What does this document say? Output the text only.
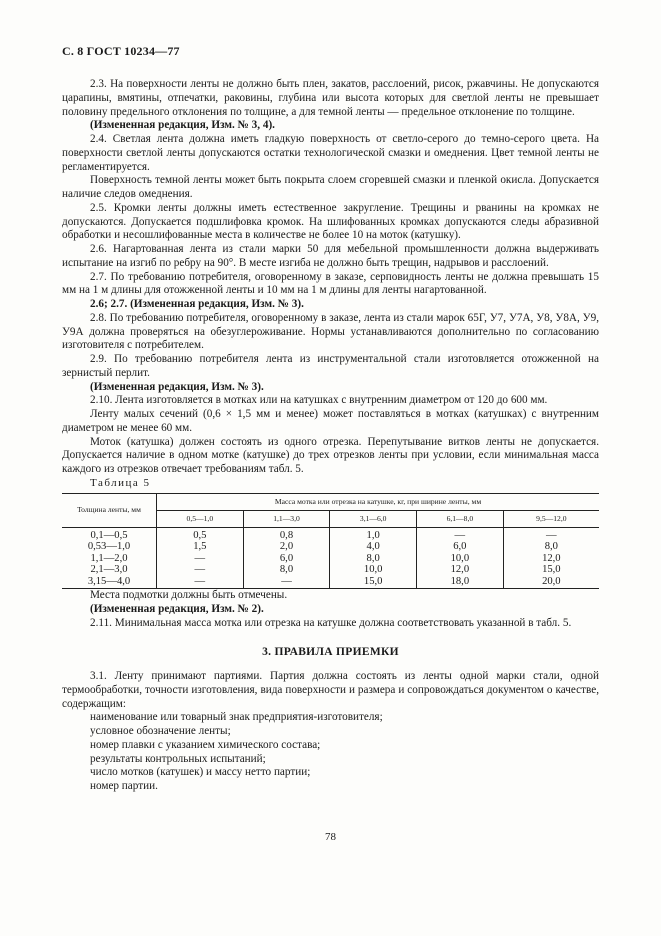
С. 8 ГОСТ 10234—77

2.3. На поверхности ленты не должно быть плен, закатов, расслоений, рисок, ржавчины. Не допускаются царапины, вмятины, отпечатки, раковины, глубина или высота которых для светлой ленты не превышает половину предельного отклонения по толщине, а для темной ленты — предельное отклонение по толщине.

(Измененная редакция, Изм. № 3, 4).

2.4. Светлая лента должна иметь гладкую поверхность от светло-серого до темно-серого цвета. На поверхности светлой ленты допускаются остатки технологической смазки и омеднения. Цвет темной ленты не регламентируется.

Поверхность темной ленты может быть покрыта слоем сгоревшей смазки и пленкой окисла. Допускается наличие следов омеднения.

2.5. Кромки ленты должны иметь естественное закругление. Трещины и рванины на кромках не допускаются. Допускается подшлифовка кромок. На шлифованных кромках допускаются следы абразивной обработки и несошлифованные места в количестве не более 10 на моток (катушку).

2.6. Нагартованная лента из стали марки 50 для мебельной промышленности должна выдерживать испытание на изгиб по ребру на 90°. В месте изгиба не должно быть трещин, надрывов и расслоений.

2.7. По требованию потребителя, оговоренному в заказе, серповидность ленты не должна превышать 15 мм на 1 м длины для отожженной ленты и 10 мм на 1 м длины для ленты нагартованной.

2.6; 2.7. (Измененная редакция, Изм. № 3).

2.8. По требованию потребителя, оговоренному в заказе, лента из стали марок 65Г, У7, У7А, У8, У8А, У9, У9А должна проверяться на обезуглероживание. Нормы устанавливаются дополнительно по согласованию изготовителя с потребителем.

2.9. По требованию потребителя лента из инструментальной стали изготовляется отожженной на зернистый перлит.

(Измененная редакция, Изм. № 3).

2.10. Лента изготовляется в мотках или на катушках с внутренним диаметром от 120 до 600 мм.

Ленту малых сечений (0,6 × 1,5 мм и менее) может поставляться в мотках (катушках) с внутренним диаметром не менее 60 мм.

Моток (катушка) должен состоять из одного отрезка. Перепутывание витков ленты не допускается. Допускается наличие в одном мотке (катушке) до трех отрезков ленты при условии, если минимальная масса каждого из отрезков отвечает требованиям табл. 5.

Таблица 5

Толщина ленты, мм	Масса мотка или отрезка на катушке, кг, при ширине ленты, мм				
	0,5—1,0	1,1—3,0	3,1—6,0	6,1—8,0	9,5—12,0
0,1—0,5	0,5	0,8	1,0	—	—
0,53—1,0	1,5	2,0	4,0	6,0	8,0
1,1—2,0	—	6,0	8,0	10,0	12,0
2,1—3,0	—	8,0	10,0	12,0	15,0
3,15—4,0	—	—	15,0	18,0	20,0

Места подмотки должны быть отмечены.

(Измененная редакция, Изм. № 2).

2.11. Минимальная масса мотка или отрезка на катушке должна соответствовать указанной в табл. 5.

3. ПРАВИЛА ПРИЕМКИ

3.1. Ленту принимают партиями. Партия должна состоять из ленты одной марки стали, одной термообработки, точности изготовления, вида поверхности и размера и сопровождаться документом о качестве, содержащим:

наименование или товарный знак предприятия-изготовителя;

условное обозначение ленты;

номер плавки с указанием химического состава;

результаты контрольных испытаний;

число мотков (катушек) и массу нетто партии;

номер партии.

78
